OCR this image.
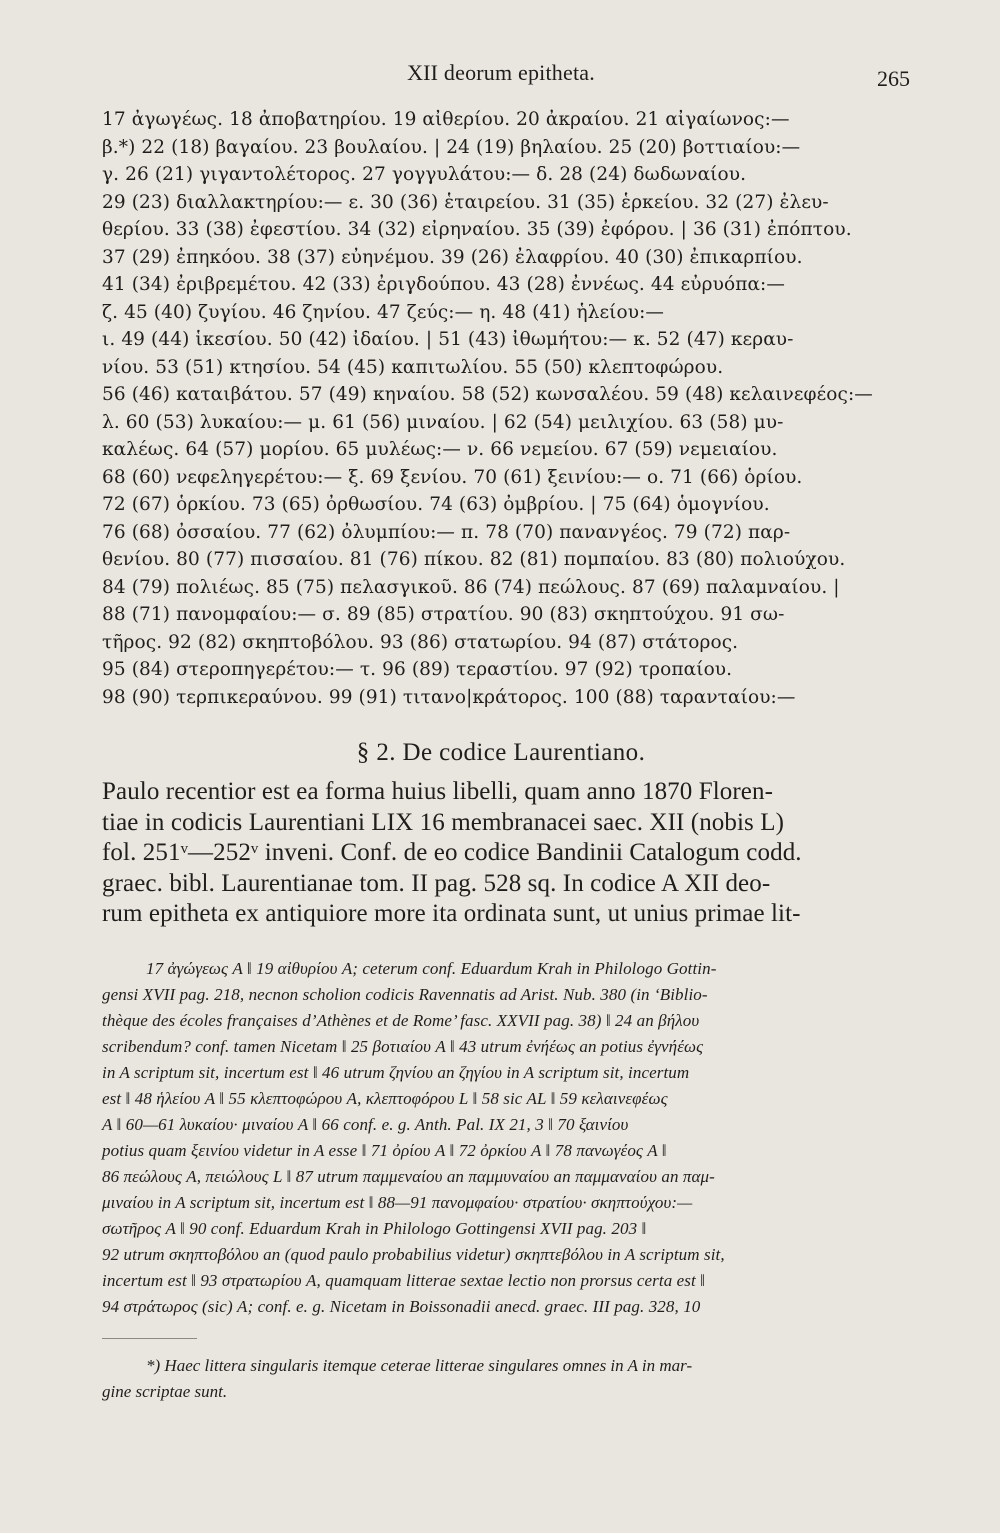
XII deorum epitheta.	265
17 ἀγωγέως. 18 ἀποβατηρίου. 19 αἰθερίου. 20 ἀκραίου. 21 αἰγαίωνος:—
β.*) 22 (18) βαγαίου. 23 βουλαίου. | 24 (19) βηλαίου. 25 (20) βοττιαίου:—
γ. 26 (21) γιγαντολέτορος. 27 γογγυλάτου:— δ. 28 (24) δωδωναίου.
29 (23) διαλλακτηρίου:— ε. 30 (36) ἑταιρείου. 31 (35) ἑρκείου. 32 (27) ἐλευ-
θερίου. 33 (38) ἐφεστίου. 34 (32) εἰρηναίου. 35 (39) ἐφόρου. | 36 (31) ἐπόπτου.
37 (29) ἐπηκόου. 38 (37) εὐηνέμου. 39 (26) ἐλαφρίου. 40 (30) ἐπικαρπίου.
41 (34) ἐριβρεμέτου. 42 (33) ἐριγδούπου. 43 (28) ἐννέως. 44 εὐρυόπα:—
ζ. 45 (40) ζυγίου. 46 ζηνίου. 47 ζεύς:— η. 48 (41) ἡλείου:—
ι. 49 (44) ἱκεσίου. 50 (42) ἰδαίου. | 51 (43) ἰθωμήτου:— κ. 52 (47) κεραυ-
νίου. 53 (51) κτησίου. 54 (45) καπιτωλίου. 55 (50) κλεπτοφώρου.
56 (46) καταιβάτου. 57 (49) κηναίου. 58 (52) κωνσαλέου. 59 (48) κελαινεφέος:—
λ. 60 (53) λυκαίου:— μ. 61 (56) μιναίου. | 62 (54) μειλιχίου. 63 (58) μυ-
καλέως. 64 (57) μορίου. 65 μυλέως:— ν. 66 νεμείου. 67 (59) νεμειαίου.
68 (60) νεφεληγερέτου:— ξ. 69 ξενίου. 70 (61) ξεινίου:— ο. 71 (66) ὁρίου.
72 (67) ὁρκίου. 73 (65) ὀρθωσίου. 74 (63) ὀμβρίου. | 75 (64) ὁμογνίου.
76 (68) ὀσσαίου. 77 (62) ὀλυμπίου:— π. 78 (70) πανανγέος. 79 (72) παρ-
θενίου. 80 (77) πισσαίου. 81 (76) πίκου. 82 (81) πομπαίου. 83 (80) πολιούχου.
84 (79) πολιέως. 85 (75) πελασγικοῦ. 86 (74) πεώλους. 87 (69) παλαμναίου. |
88 (71) πανομφαίου:— σ. 89 (85) στρατίου. 90 (83) σκηπτούχου. 91 σω-
τῆρος. 92 (82) σκηπτοβόλου. 93 (86) στατωρίου. 94 (87) στάτορος.
95 (84) στεροπηγερέτου:— τ. 96 (89) τεραστίου. 97 (92) τροπαίου.
98 (90) τερπικεραύνου. 99 (91) τιτανο|κράτορος. 100 (88) ταρανταίου:—
§ 2. De codice Laurentiano.
Paulo recentior est ea forma huius libelli, quam anno 1870 Floren-
tiae in codicis Laurentiani LIX 16 membranacei saec. XII (nobis L)
fol. 251ᵛ—252ᵛ inveni. Conf. de eo codice Bandinii Catalogum codd.
graec. bibl. Laurentianae tom. II pag. 528 sq. In codice A XII deo-
rum epitheta ex antiquiore more ita ordinata sunt, ut unius primae lit-
17 ἀγώγεως A ‖ 19 αἰθυρίου A; ceterum conf. Eduardum Krah in Philologo Gottin-
gensi XVII pag. 218, necnon scholion codicis Ravennatis ad Arist. Nub. 380 (in ‘Biblio-
thèque des écoles françaises d’Athènes et de Rome’ fasc. XXVII pag. 38) ‖ 24 an βήλου
scribendum? conf. tamen Nicetam ‖ 25 βοτιαίου A ‖ 43 utrum ἐνήέως an potius ἐγνήέως
in A scriptum sit, incertum est ‖ 46 utrum ζηνίου an ζηγίου in A scriptum sit, incertum
est ‖ 48 ἡλείου A ‖ 55 κλεπτοφώρου A, κλεπτοφόρου L ‖ 58 sic AL ‖ 59 κελαινεφέως
A ‖ 60—61 λυκαίου· μιναίου A ‖ 66 conf. e. g. Anth. Pal. IX 21, 3 ‖ 70 ξαινίου
potius quam ξεινίου videtur in A esse ‖ 71 ὀρίου A ‖ 72 ὀρκίου A ‖ 78 πανωγέος A ‖
86 πεώλους A, πειώλους L ‖ 87 utrum παμμεναίου an παμμυναίου an παμμαναίου an παμ-
μιναίου in A scriptum sit, incertum est ‖ 88—91 πανομφαίου· στρατίου· σκηπτούχου:—
σωτῆρος A ‖ 90 conf. Eduardum Krah in Philologo Gottingensi XVII pag. 203 ‖
92 utrum σκηπτοβόλου an (quod paulo probabilius videtur) σκηπτεβόλου in A scriptum sit,
incertum est ‖ 93 στρατωρίου A, quamquam litterae sextae lectio non prorsus certa est ‖
94 στράτωρος (sic) A; conf. e. g. Nicetam in Boissonadii anecd. graec. III pag. 328, 10
*) Haec littera singularis itemque ceterae litterae singulares omnes in A in mar-
gine scriptae sunt.
